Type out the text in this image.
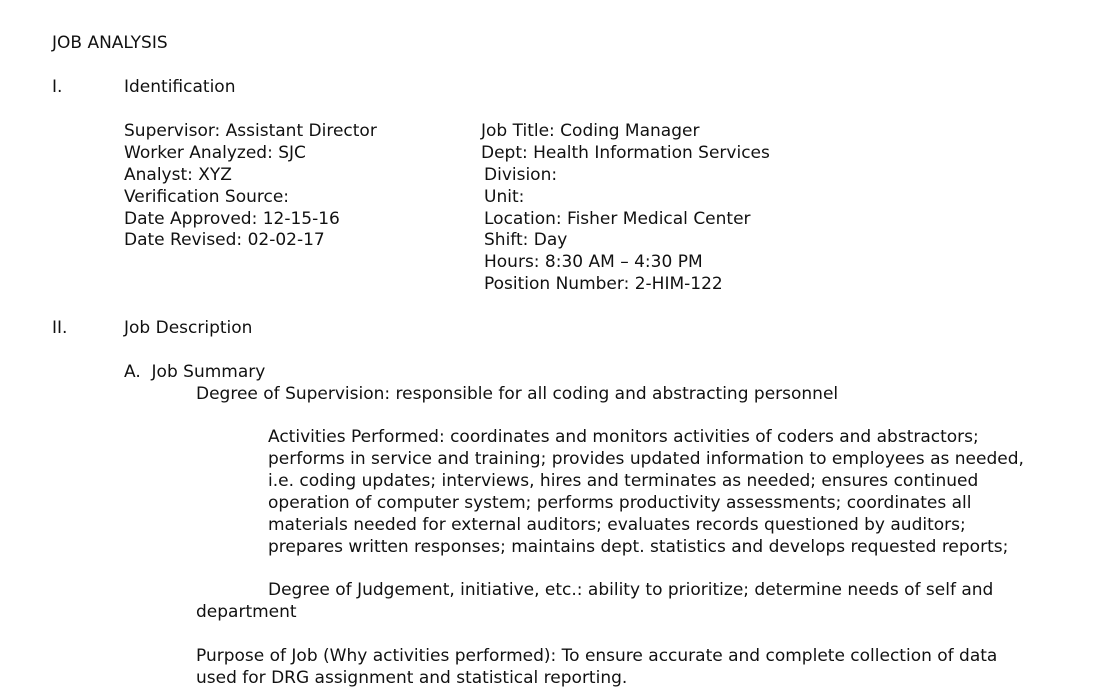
JOB ANALYSIS
I.	Identification
Supervisor: Assistant Director
Worker Analyzed: SJC
Analyst: XYZ
Verification Source:
Date Approved: 12-15-16
Date Revised: 02-02-17
Job Title: Coding Manager
Dept: Health Information Services
Division:
Unit:
Location: Fisher Medical Center
Shift: Day
Hours: 8:30 AM – 4:30 PM
Position Number: 2-HIM-122
II.	Job Description
A.  Job Summary
Degree of Supervision: responsible for all coding and abstracting personnel
Activities Performed: coordinates and monitors activities of coders and abstractors;
performs in service and training; provides updated information to employees as needed,
i.e. coding updates; interviews, hires and terminates as needed; ensures continued
operation of computer system; performs productivity assessments; coordinates all
materials needed for external auditors; evaluates records questioned by auditors;
prepares written responses; maintains dept. statistics and develops requested reports;
Degree of Judgement, initiative, etc.: ability to prioritize; determine needs of self and
department
Purpose of Job (Why activities performed): To ensure accurate and complete collection of data
used for DRG assignment and statistical reporting.
